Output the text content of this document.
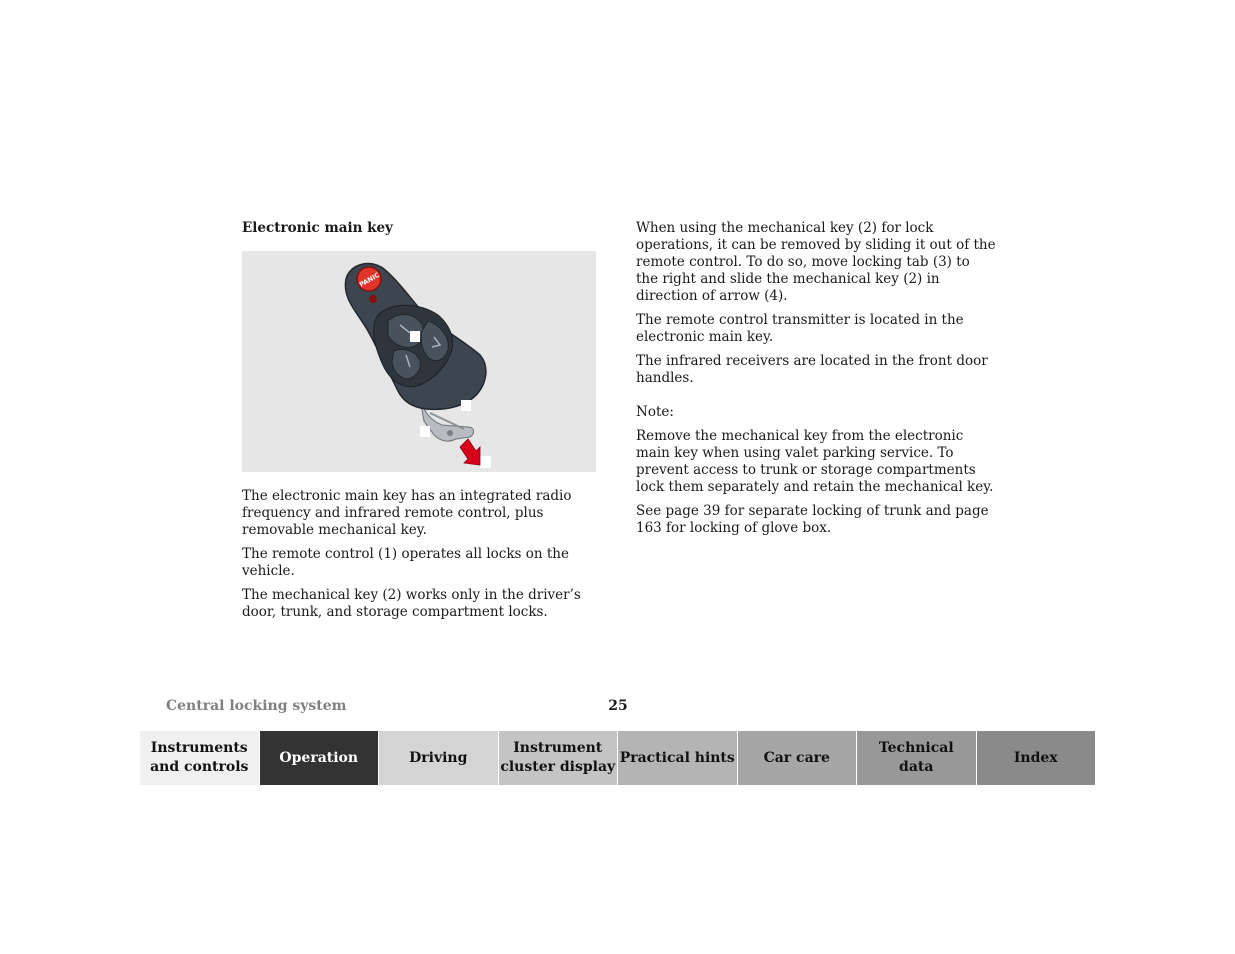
Electronic main key
PANIC

The electronic main key has an integrated radio frequency and infrared remote control, plus removable mechanical key.

The remote control (1) operates all locks on the vehicle.

The mechanical key (2) works only in the driver’s door, trunk, and storage compartment locks.

When using the mechanical key (2) for lock operations, it can be removed by sliding it out of the remote control. To do so, move locking tab (3) to the right and slide the mechanical key (2) in direction of arrow (4).

The remote control transmitter is located in the electronic main key.

The infrared receivers are located in the front door handles.

Note:

Remove the mechanical key from the electronic main key when using valet parking service. To prevent access to trunk or storage compartments lock them separately and retain the mechanical key.

See page 39 for separate locking of trunk and page 163 for locking of glove box.

Central locking system	25
Instruments
and controls
Operation	Driving
Instrument
cluster display
Practical hints	Car care
Technical
data
Index
